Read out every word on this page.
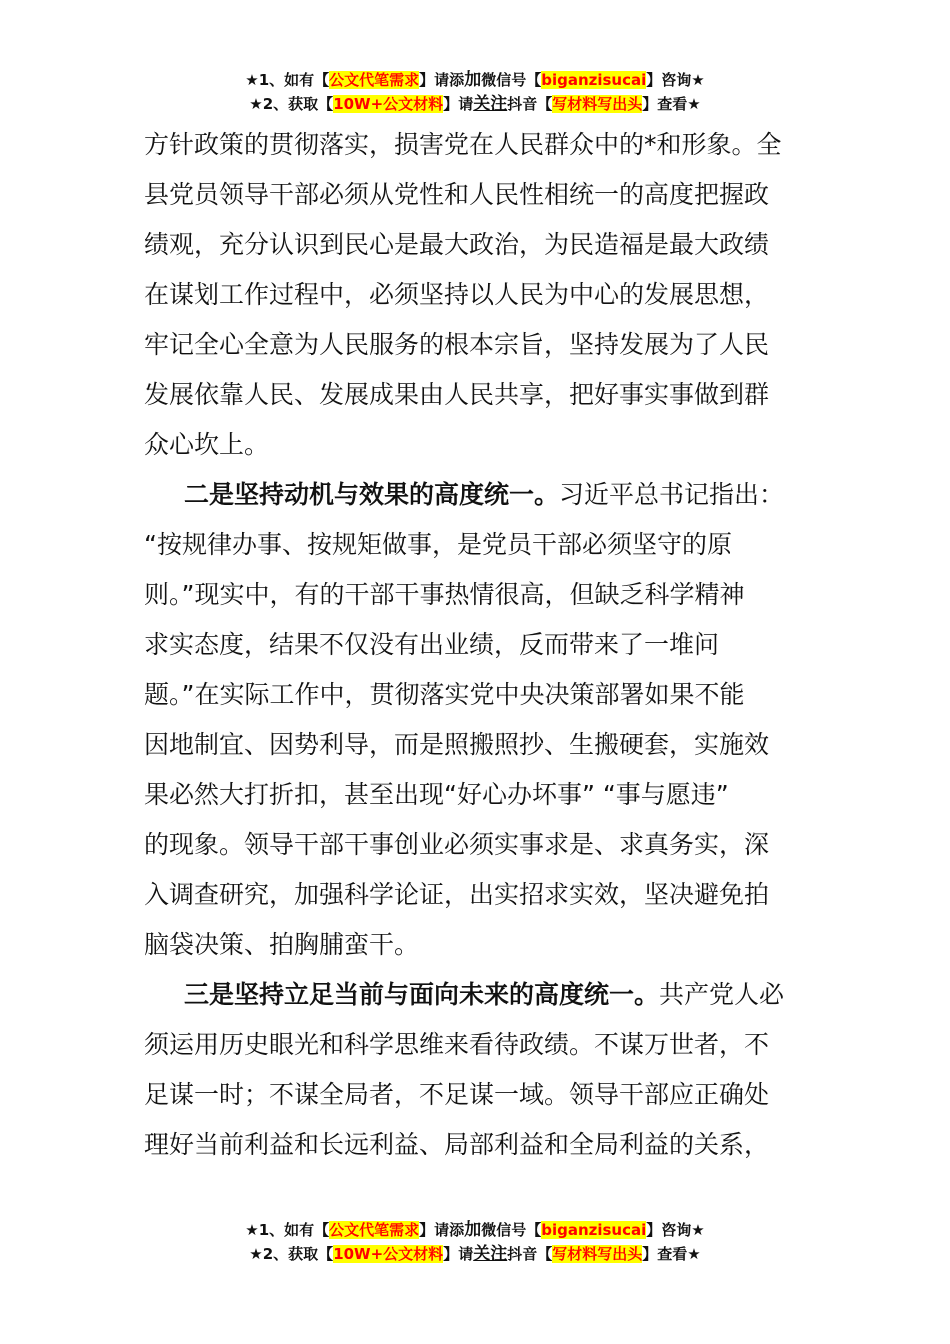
★1、如有【公文代笔需求】请添加微信号【biganzisucai】咨询★
★2、获取【10W+公文材料】请关注抖音【写材料写出头】查看★

方针政策的贯彻落实，损害党在人民群众中的*和形象。全
县党员领导干部必须从党性和人民性相统一的高度把握政
绩观，充分认识到民心是最大政治，为民造福是最大政绩
在谋划工作过程中，必须坚持以人民为中心的发展思想，
牢记全心全意为人民服务的根本宗旨，坚持发展为了人民
发展依靠人民、发展成果由人民共享，把好事实事做到群
众心坎上。

二是坚持动机与效果的高度统一。习近平总书记指出：
“按规律办事、按规矩做事，是党员干部必须坚守的原
则。”现实中，有的干部干事热情很高，但缺乏科学精神
求实态度，结果不仅没有出业绩，反而带来了一堆问
题。”在实际工作中，贯彻落实党中央决策部署如果不能
因地制宜、因势利导，而是照搬照抄、生搬硬套，实施效
果必然大打折扣，甚至出现“好心办坏事” “事与愿违”
的现象。领导干部干事创业必须实事求是、求真务实，深
入调查研究，加强科学论证，出实招求实效，坚决避免拍
脑袋决策、拍胸脯蛮干。

三是坚持立足当前与面向未来的高度统一。共产党人必
须运用历史眼光和科学思维来看待政绩。不谋万世者，不
足谋一时；不谋全局者，不足谋一域。领导干部应正确处
理好当前利益和长远利益、局部利益和全局利益的关系，

★1、如有【公文代笔需求】请添加微信号【biganzisucai】咨询★
★2、获取【10W+公文材料】请关注抖音【写材料写出头】查看★
